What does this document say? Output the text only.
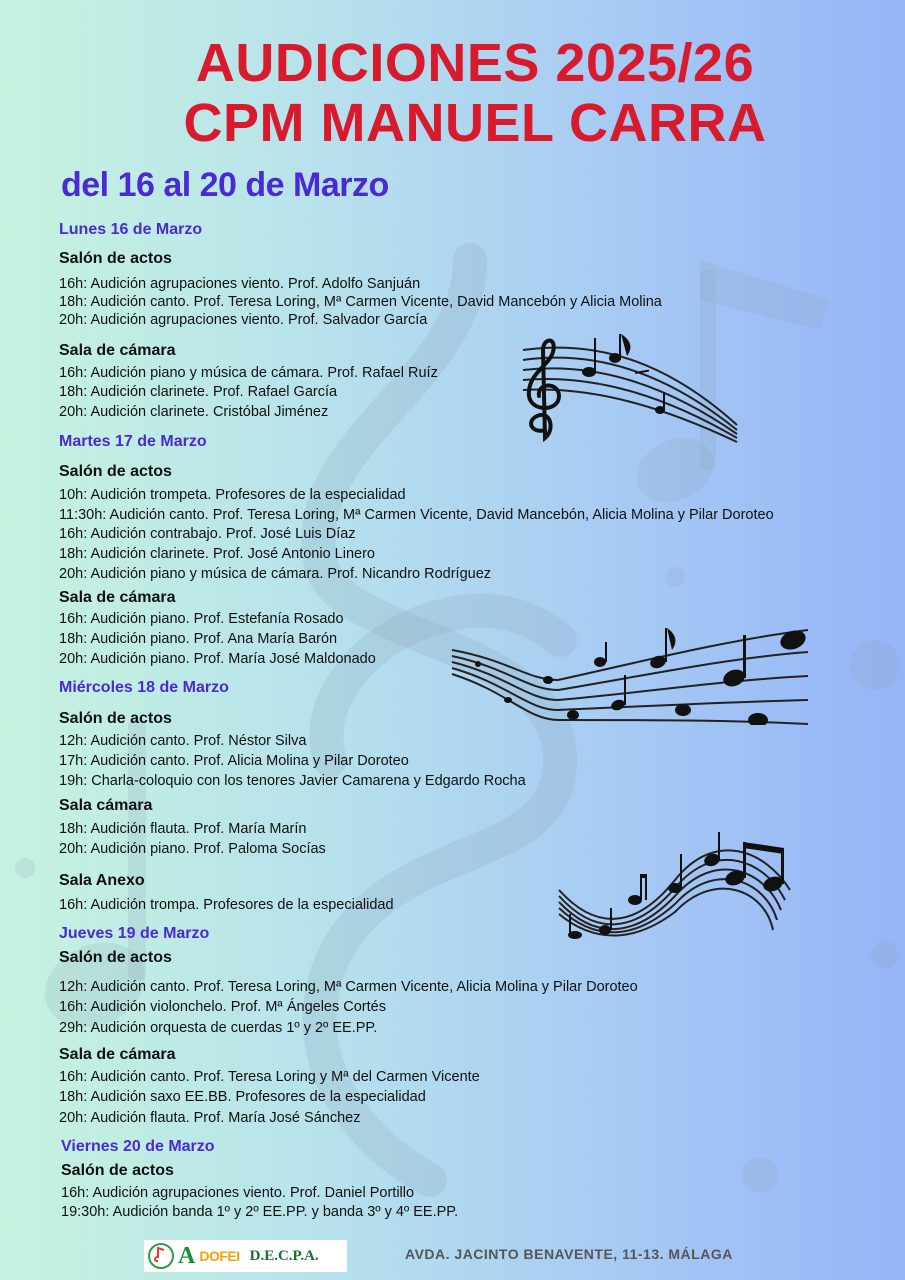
AUDICIONES 2025/26
CPM MANUEL CARRA
del 16 al 20 de Marzo
Lunes 16 de Marzo
Salón de actos
16h: Audición agrupaciones viento. Prof. Adolfo Sanjuán
18h: Audición canto. Prof. Teresa Loring, Mª Carmen Vicente, David Mancebón y Alicia Molina
20h: Audición agrupaciones viento. Prof. Salvador García
Sala de cámara
16h: Audición piano y música de cámara. Prof. Rafael Ruíz
18h: Audición clarinete. Prof. Rafael García
20h: Audición clarinete. Cristóbal Jiménez
Martes 17 de Marzo
Salón de actos
10h: Audición trompeta. Profesores de la especialidad
11:30h: Audición canto. Prof. Teresa Loring, Mª Carmen Vicente, David Mancebón, Alicia Molina y Pilar Doroteo
16h: Audición contrabajo. Prof. José Luis Díaz
18h: Audición clarinete. Prof. José Antonio Linero
20h: Audición piano y música de cámara. Prof. Nicandro Rodríguez
Sala de cámara
16h: Audición piano. Prof. Estefanía Rosado
18h: Audición piano. Prof. Ana María Barón
20h: Audición piano. Prof. María José Maldonado
Miércoles 18 de Marzo
Salón de actos
12h: Audición canto. Prof. Néstor Silva
17h: Audición canto. Prof. Alicia Molina y Pilar Doroteo
19h: Charla-coloquio con los tenores Javier Camarena y Edgardo Rocha
Sala cámara
18h: Audición flauta. Prof. María Marín
20h: Audición piano. Prof. Paloma Socías
Sala Anexo
16h: Audición trompa. Profesores de la especialidad
Jueves 19 de Marzo
Salón de actos
12h: Audición canto. Prof. Teresa Loring, Mª Carmen Vicente, Alicia Molina y Pilar Doroteo
16h: Audición violonchelo. Prof. Mª Ángeles Cortés
29h: Audición orquesta de cuerdas 1º y 2º EE.PP.
Sala de cámara
16h: Audición canto. Prof. Teresa Loring y Mª del Carmen Vicente
18h: Audición saxo EE.BB. Profesores de la especialidad
20h: Audición flauta. Prof. María José Sánchez
Viernes 20 de Marzo
Salón de actos
16h: Audición agrupaciones viento. Prof. Daniel Portillo
19:30h: Audición banda 1º y 2º EE.PP. y banda 3º y 4º EE.PP.
A DOFEI D.E.C.P.A.	AVDA. JACINTO BENAVENTE, 11-13. MÁLAGA
